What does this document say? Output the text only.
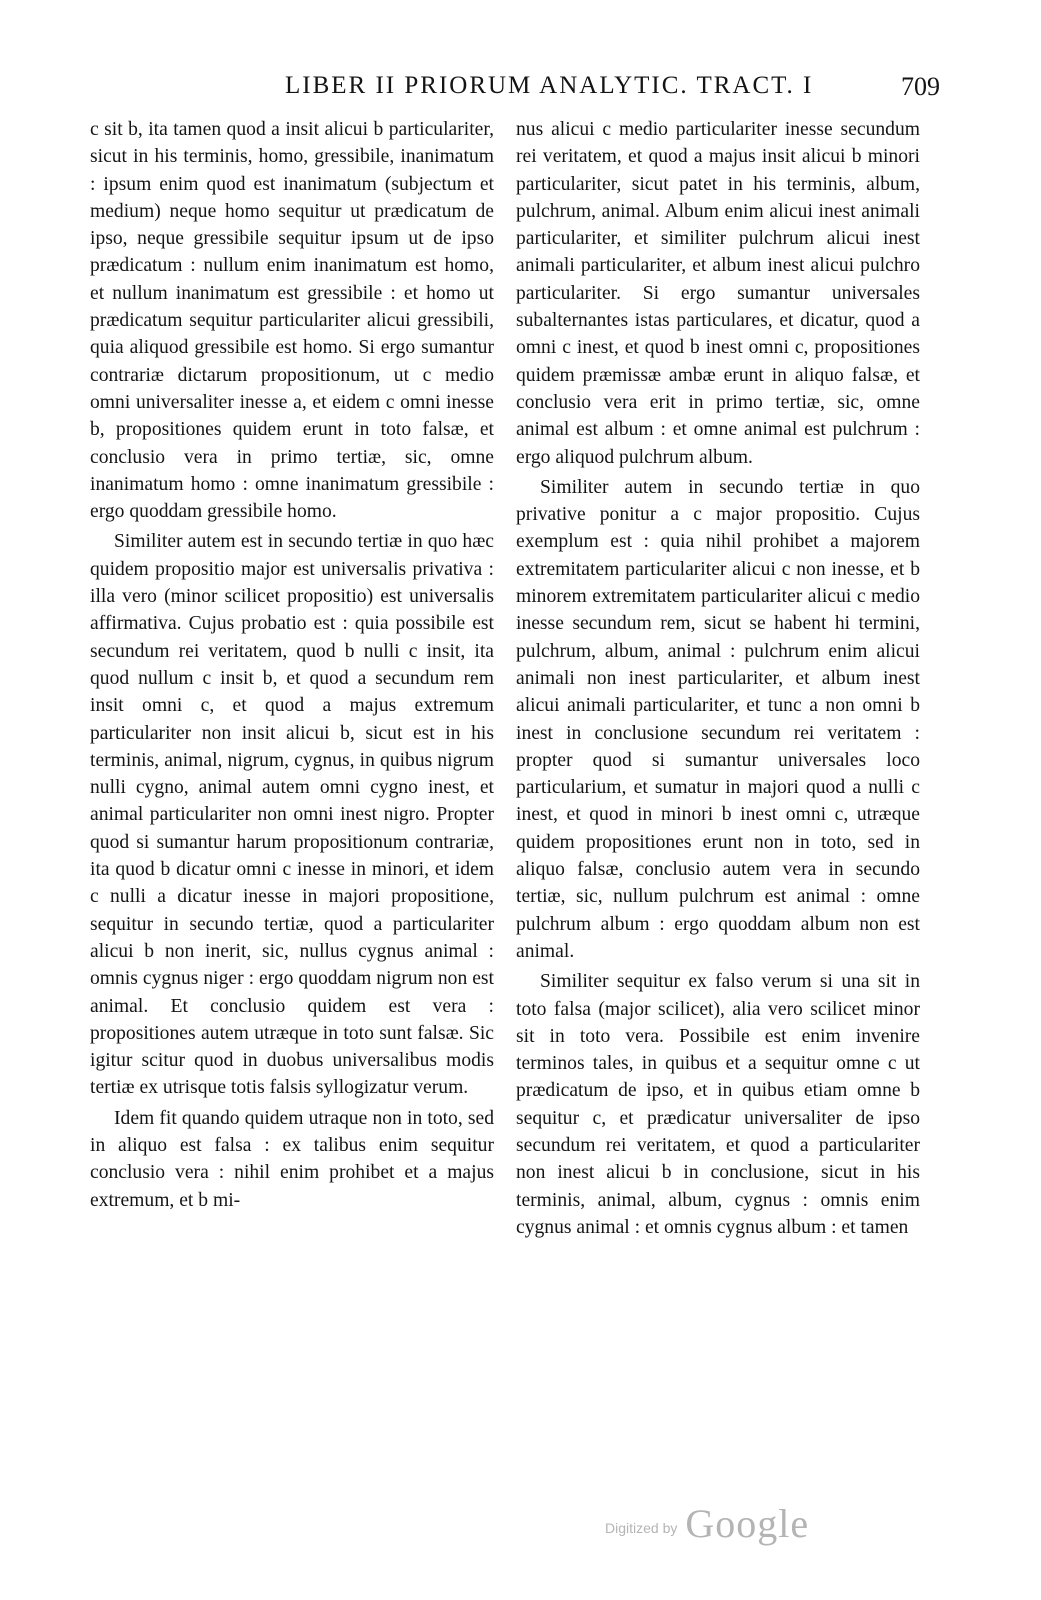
LIBER II PRIORUM ANALYTIC. TRACT. I	709

c sit b, ita tamen quod a insit alicui b particulariter, sicut in his terminis, homo, gressibile, inanimatum : ipsum enim quod est inanimatum (subjectum et medium) neque homo sequitur ut prædicatum de ipso, neque gressibile sequitur ipsum ut de ipso prædicatum : nullum enim inanimatum est homo, et nullum inanimatum est gressibile : et homo ut prædicatum sequitur particulariter alicui gressibili, quia aliquod gressibile est homo. Si ergo sumantur contrariæ dictarum propositionum, ut c medio omni universaliter inesse a, et eidem c omni inesse b, propositiones quidem erunt in toto falsæ, et conclusio vera in primo tertiæ, sic, omne inanimatum homo : omne inanimatum gressibile : ergo quoddam gressibile homo.

Similiter autem est in secundo tertiæ in quo hæc quidem propositio major est universalis privativa : illa vero (minor scilicet propositio) est universalis affirmativa. Cujus probatio est : quia possibile est secundum rei veritatem, quod b nulli c insit, ita quod nullum c insit b, et quod a secundum rem insit omni c, et quod a majus extremum particulariter non insit alicui b, sicut est in his terminis, animal, nigrum, cygnus, in quibus nigrum nulli cygno, animal autem omni cygno inest, et animal particulariter non omni inest nigro. Propter quod si sumantur harum propositionum contrariæ, ita quod b dicatur omni c inesse in minori, et idem c nulli a dicatur inesse in majori propositione, sequitur in secundo tertiæ, quod a particulariter alicui b non inerit, sic, nullus cygnus animal : omnis cygnus niger : ergo quoddam nigrum non est animal. Et conclusio quidem est vera : propositiones autem utræque in toto sunt falsæ. Sic igitur scitur quod in duobus universalibus modis tertiæ ex utrisque totis falsis syllogizatur verum.

Idem fit quando quidem utraque non in toto, sed in aliquo est falsa : ex talibus enim sequitur conclusio vera : nihil enim prohibet et a majus extremum, et b mi-

nus alicui c medio particulariter inesse secundum rei veritatem, et quod a majus insit alicui b minori particulariter, sicut patet in his terminis, album, pulchrum, animal. Album enim alicui inest animali particulariter, et similiter pulchrum alicui inest animali particulariter, et album inest alicui pulchro particulariter. Si ergo sumantur universales subalternantes istas particulares, et dicatur, quod a omni c inest, et quod b inest omni c, propositiones quidem præmissæ ambæ erunt in aliquo falsæ, et conclusio vera erit in primo tertiæ, sic, omne animal est album : et omne animal est pulchrum : ergo aliquod pulchrum album.

Similiter autem in secundo tertiæ in quo privative ponitur a c major propositio. Cujus exemplum est : quia nihil prohibet a majorem extremitatem particulariter alicui c non inesse, et b minorem extremitatem particulariter alicui c medio inesse secundum rem, sicut se habent hi termini, pulchrum, album, animal : pulchrum enim alicui animali non inest particulariter, et album inest alicui animali particulariter, et tunc a non omni b inest in conclusione secundum rei veritatem : propter quod si sumantur universales loco particularium, et sumatur in majori quod a nulli c inest, et quod in minori b inest omni c, utræque quidem propositiones erunt non in toto, sed in aliquo falsæ, conclusio autem vera in secundo tertiæ, sic, nullum pulchrum est animal : omne pulchrum album : ergo quoddam album non est animal.

Similiter sequitur ex falso verum si una sit in toto falsa (major scilicet), alia vero scilicet minor sit in toto vera. Possibile est enim invenire terminos tales, in quibus et a sequitur omne c ut prædicatum de ipso, et in quibus etiam omne b sequitur c, et prædicatur universaliter de ipso secundum rei veritatem, et quod a particulariter non inest alicui b in conclusione, sicut in his terminis, animal, album, cygnus : omnis enim cygnus animal : et omnis cygnus album : et tamen

Digitized by Google
